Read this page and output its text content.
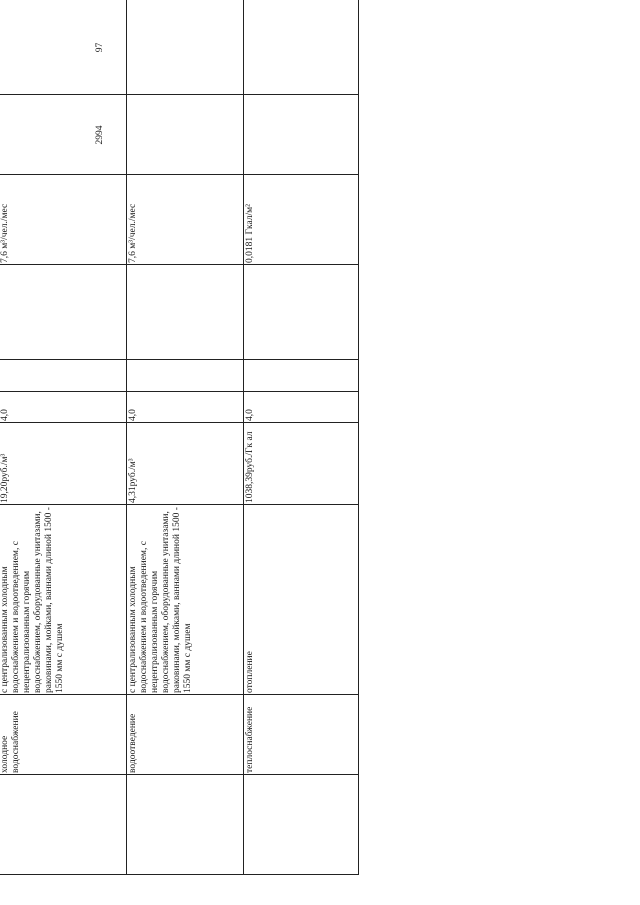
холодное водоснабжение
с централизованным холодным водоснабжением и водоотведением, с нецентрализованным горячим водоснабжением, оборудованные унитазами, раковинами, мойками, ваннами длиной 1500 - 1550 мм с душем
19,20руб./м³
4,0
7,6 м³/чел./мес
водоотведение
с централизованным холодным водоснабжением и водоотведением, с нецентрализованным горячим водоснабжением, оборудованные унитазами, раковинами, мойками, ваннами длиной 1500 - 1550 мм с душем
4,31руб./м³
4,0
7,6 м³/чел./мес
теплоснабжение
отопление
1038,39руб./Гк ал
4,0
0,0181 Гкал/м²
2994
97
